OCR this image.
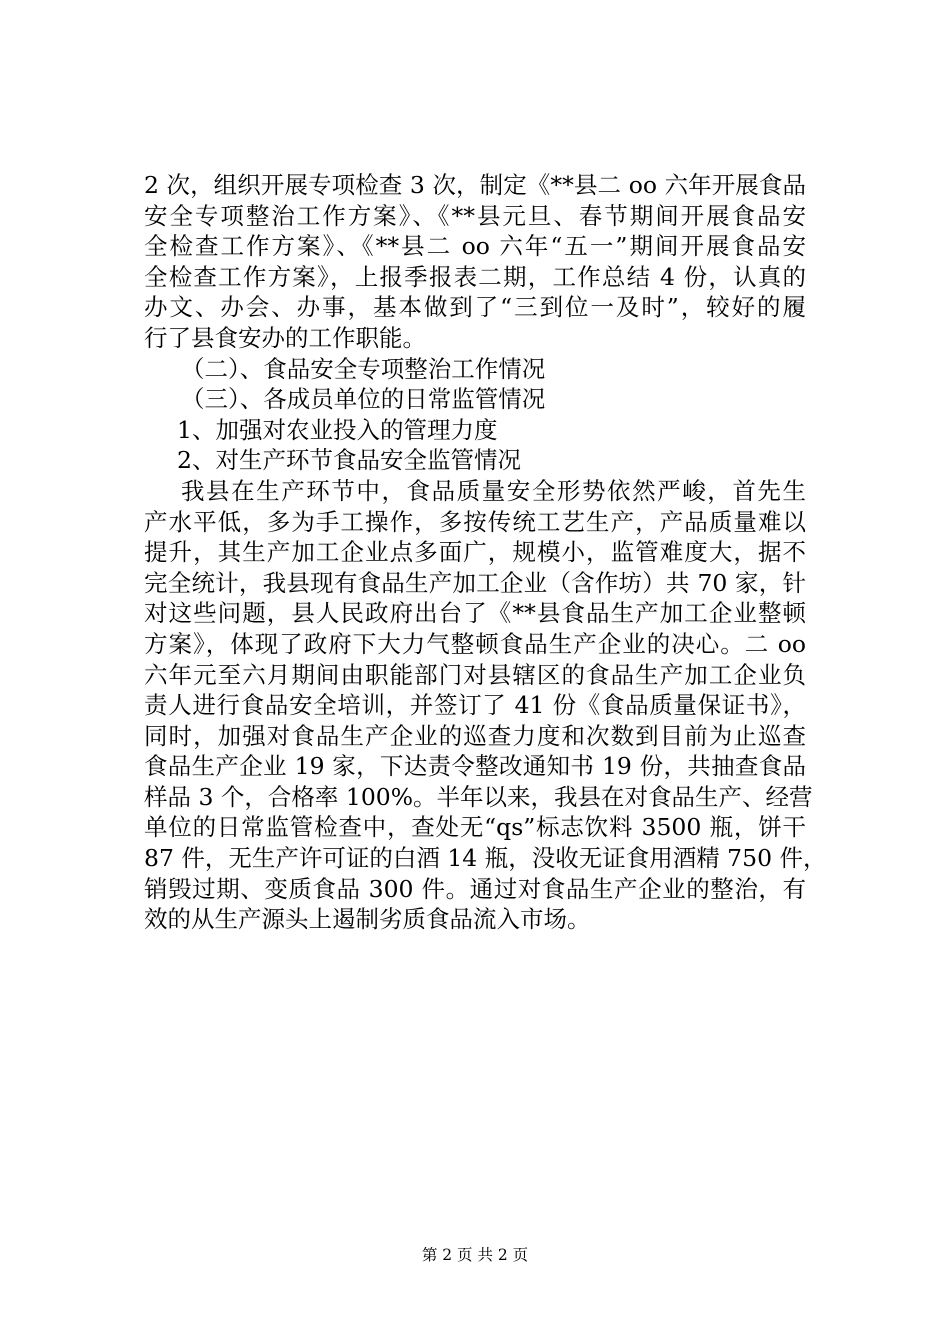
2 次，组织开展专项检查 3 次，制定《**县二 oo 六年开展食品
安全专项整治工作方案》、《**县元旦、春节期间开展食品安
全检查工作方案》、《**县二 oo 六年“五一”期间开展食品安
全检查工作方案》，上报季报表二期，工作总结 4 份，认真的
办文、办会、办事，基本做到了“三到位一及时”，较好的履
行了县食安办的工作职能。
（二）、食品安全专项整治工作情况
（三）、各成员单位的日常监管情况
1、加强对农业投入的管理力度
2、对生产环节食品安全监管情况
我县在生产环节中，食品质量安全形势依然严峻，首先生
产水平低，多为手工操作，多按传统工艺生产，产品质量难以
提升，其生产加工企业点多面广，规模小，监管难度大，据不
完全统计，我县现有食品生产加工企业（含作坊）共 70 家，针
对这些问题，县人民政府出台了《**县食品生产加工企业整顿
方案》，体现了政府下大力气整顿食品生产企业的决心。二 oo
六年元至六月期间由职能部门对县辖区的食品生产加工企业负
责人进行食品安全培训，并签订了 41 份《食品质量保证书》，
同时，加强对食品生产企业的巡查力度和次数到目前为止巡查
食品生产企业 19 家，下达责令整改通知书 19 份，共抽查食品
样品 3 个，合格率 100%。半年以来，我县在对食品生产、经营
单位的日常监管检查中，查处无“qs”标志饮料 3500 瓶，饼干
87 件，无生产许可证的白酒 14 瓶，没收无证食用酒精 750 件，
销毁过期、变质食品 300 件。通过对食品生产企业的整治，有
效的从生产源头上遏制劣质食品流入市场。
第 2 页 共 2 页
